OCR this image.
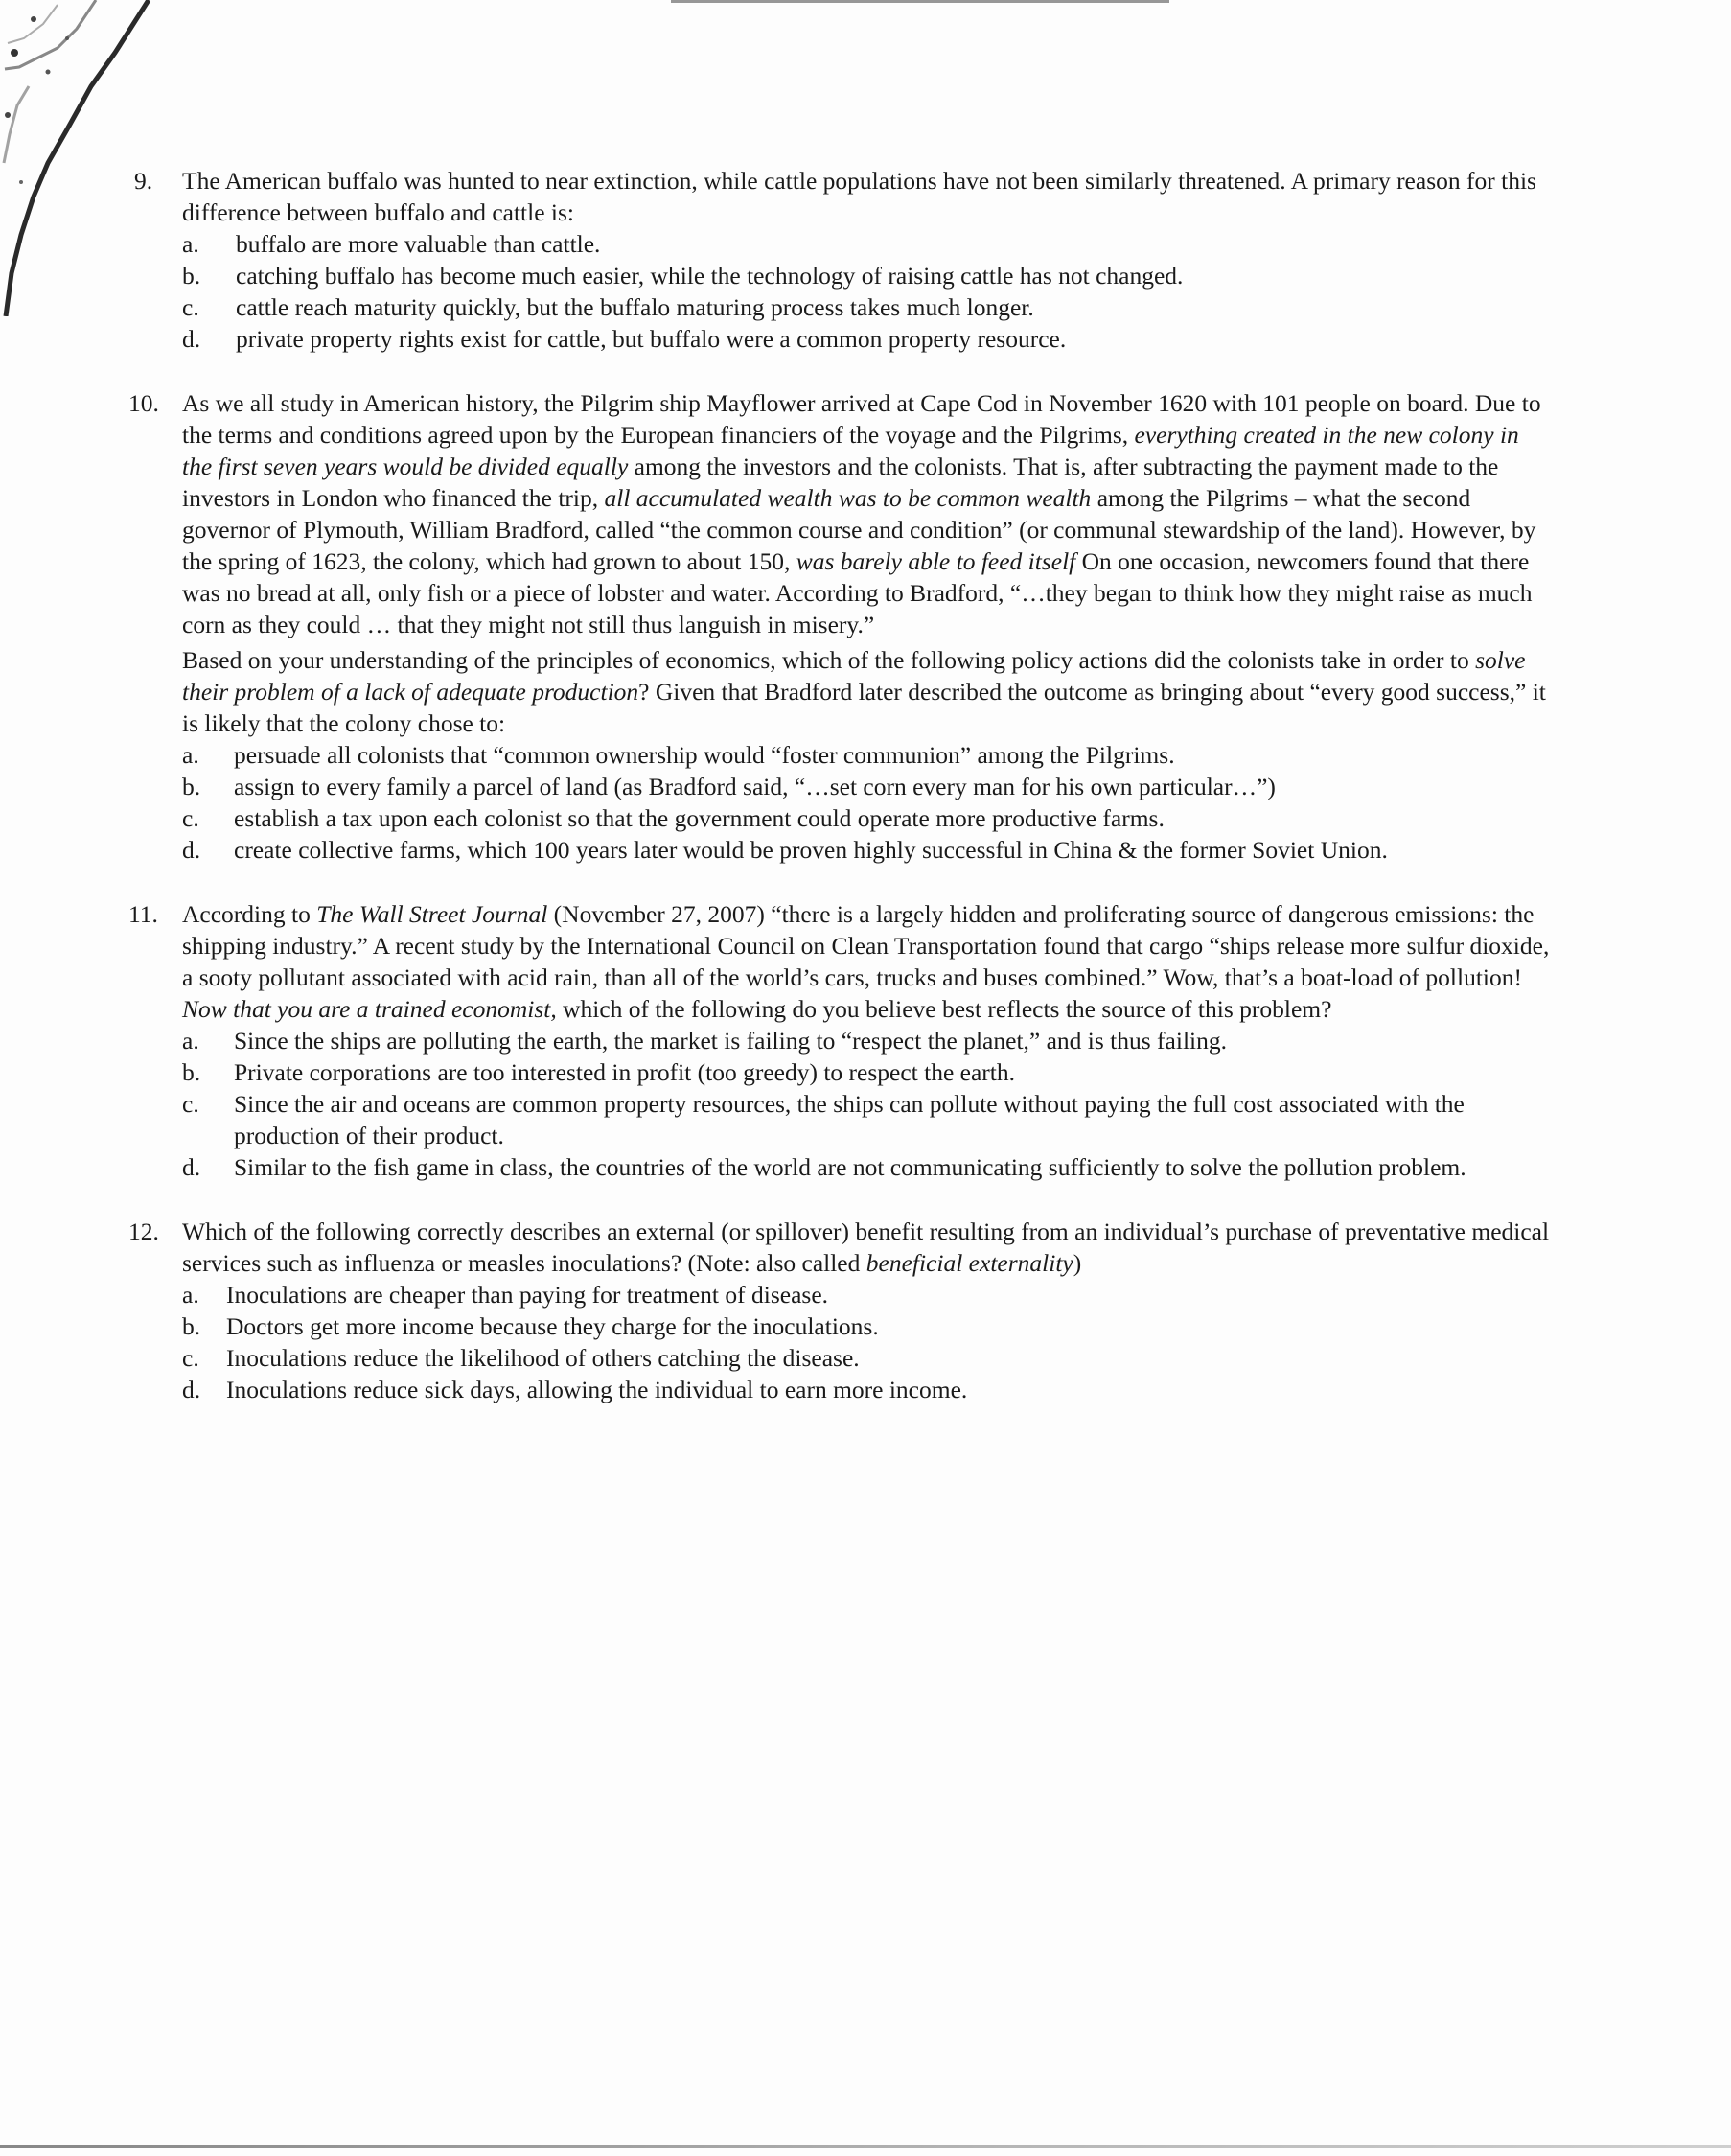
9.	The American buffalo was hunted to near extinction, while cattle populations have not been similarly threatened. A primary reason for this difference between buffalo and cattle is:

a. buffalo are more valuable than cattle.
b. catching buffalo has become much easier, while the technology of raising cattle has not changed.
c. cattle reach maturity quickly, but the buffalo maturing process takes much longer.
d. private property rights exist for cattle, but buffalo were a common property resource.
10. As we all study in American history, the Pilgrim ship Mayflower arrived at Cape Cod in November 1620 with 101 people on board. Due to the terms and conditions agreed upon by the European financiers of the voyage and the Pilgrims, everything created in the new colony in the first seven years would be divided equally among the investors and the colonists. That is, after subtracting the payment made to the investors in London who financed the trip, all accumulated wealth was to be common wealth among the Pilgrims – what the second governor of Plymouth, William Bradford, called “the common course and condition” (or communal stewardship of the land). However, by the spring of 1623, the colony, which had grown to about 150, was barely able to feed itself On one occasion, newcomers found that there was no bread at all, only fish or a piece of lobster and water. According to Bradford, “…they began to think how they might raise as much corn as they could … that they might not still thus languish in misery.”

Based on your understanding of the principles of economics, which of the following policy actions did the colonists take in order to solve their problem of a lack of adequate production? Given that Bradford later described the outcome as bringing about “every good success,” it is likely that the colony chose to:

a. persuade all colonists that “common ownership would “foster communion” among the Pilgrims.
b. assign to every family a parcel of land (as Bradford said, “…set corn every man for his own particular…”)
c. establish a tax upon each colonist so that the government could operate more productive farms.
d. create collective farms, which 100 years later would be proven highly successful in China & the former Soviet Union.
11. According to The Wall Street Journal (November 27, 2007) “there is a largely hidden and proliferating source of dangerous emissions: the shipping industry.” A recent study by the International Council on Clean Transportation found that cargo “ships release more sulfur dioxide, a sooty pollutant associated with acid rain, than all of the world’s cars, trucks and buses combined.” Wow, that’s a boat-load of pollution! Now that you are a trained economist, which of the following do you believe best reflects the source of this problem?

a. Since the ships are polluting the earth, the market is failing to “respect the planet,” and is thus failing.
b. Private corporations are too interested in profit (too greedy) to respect the earth.
c. Since the air and oceans are common property resources, the ships can pollute without paying the full cost associated with the production of their product.
d. Similar to the fish game in class, the countries of the world are not communicating sufficiently to solve the pollution problem.
12. Which of the following correctly describes an external (or spillover) benefit resulting from an individual’s purchase of preventative medical services such as influenza or measles inoculations? (Note: also called beneficial externality)

a. Inoculations are cheaper than paying for treatment of disease.
b. Doctors get more income because they charge for the inoculations.
c. Inoculations reduce the likelihood of others catching the disease.
d. Inoculations reduce sick days, allowing the individual to earn more income.
